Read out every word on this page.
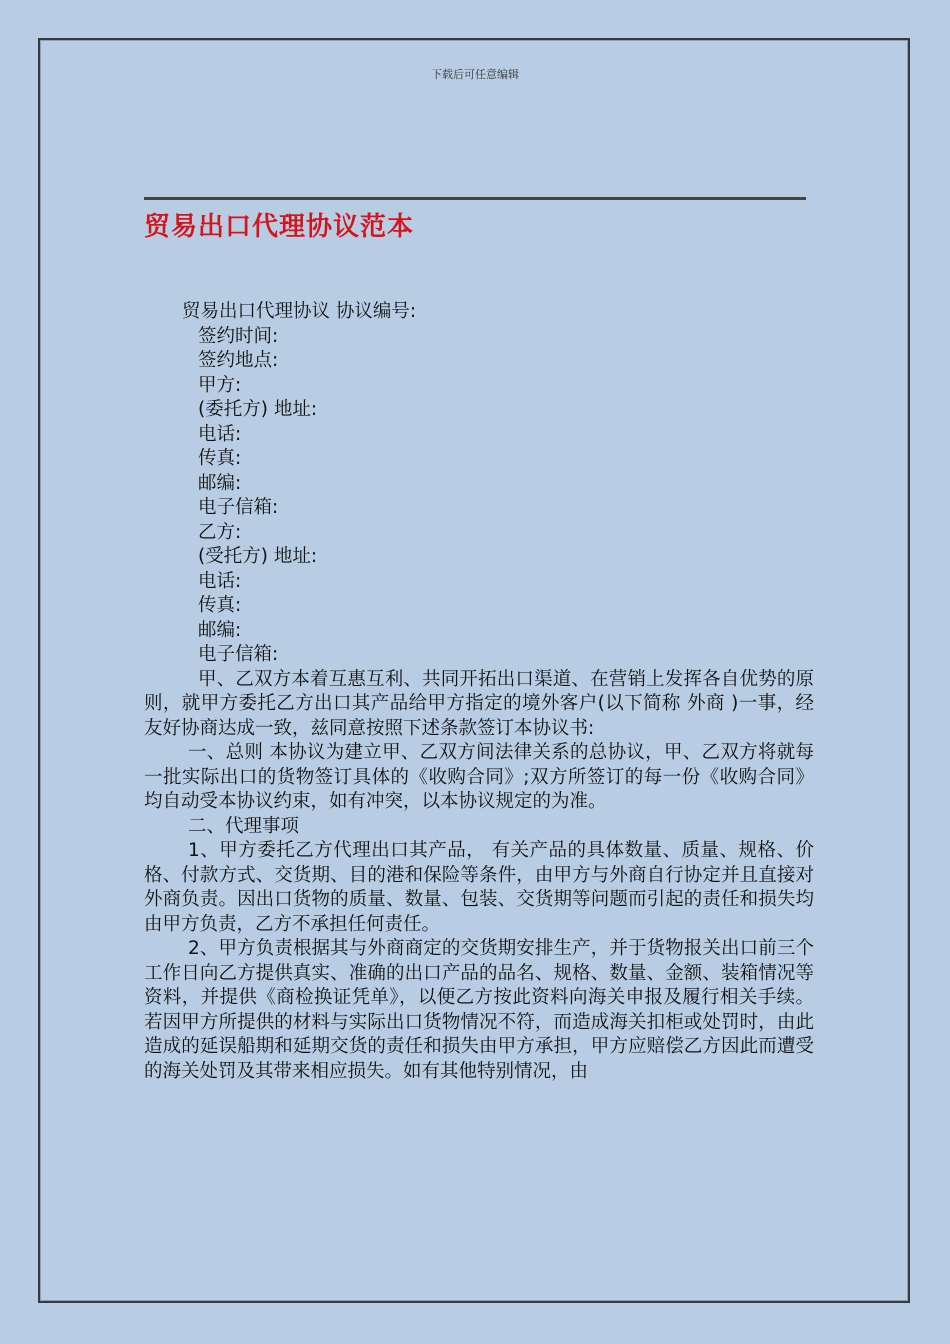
下载后可任意编辑
贸易出口代理协议范本
贸易出口代理协议 协议编号:
签约时间:
签约地点:
甲方:
(委托方) 地址:
电话:
传真:
邮编:
电子信箱:
乙方:
(受托方) 地址:
电话:
传真:
邮编:
电子信箱:

甲、乙双方本着互惠互利、共同开拓出口渠道、在营销上发挥各自优势的原则，就甲方委托乙方出口其产品给甲方指定的境外客户(以下简称 外商 )一事，经友好协商达成一致，兹同意按照下述条款签订本协议书:

一、总则 本协议为建立甲、乙双方间法律关系的总协议，甲、乙双方将就每一批实际出口的货物签订具体的《收购合同》;双方所签订的每一份《收购合同》均自动受本协议约束，如有冲突，以本协议规定的为准。

二、代理事项

1、甲方委托乙方代理出口其产品， 有关产品的具体数量、质量、规格、价格、付款方式、交货期、目的港和保险等条件，由甲方与外商自行协定并且直接对外商负责。因出口货物的质量、数量、包装、交货期等问题而引起的责任和损失均由甲方负责，乙方不承担任何责任。

2、甲方负责根据其与外商商定的交货期安排生产，并于货物报关出口前三个工作日向乙方提供真实、准确的出口产品的品名、规格、数量、金额、装箱情况等资料，并提供《商检换证凭单》，以便乙方按此资料向海关申报及履行相关手续。若因甲方所提供的材料与实际出口货物情况不符，而造成海关扣柜或处罚时，由此造成的延误船期和延期交货的责任和损失由甲方承担，甲方应赔偿乙方因此而遭受的海关处罚及其带来相应损失。如有其他特别情况，由
